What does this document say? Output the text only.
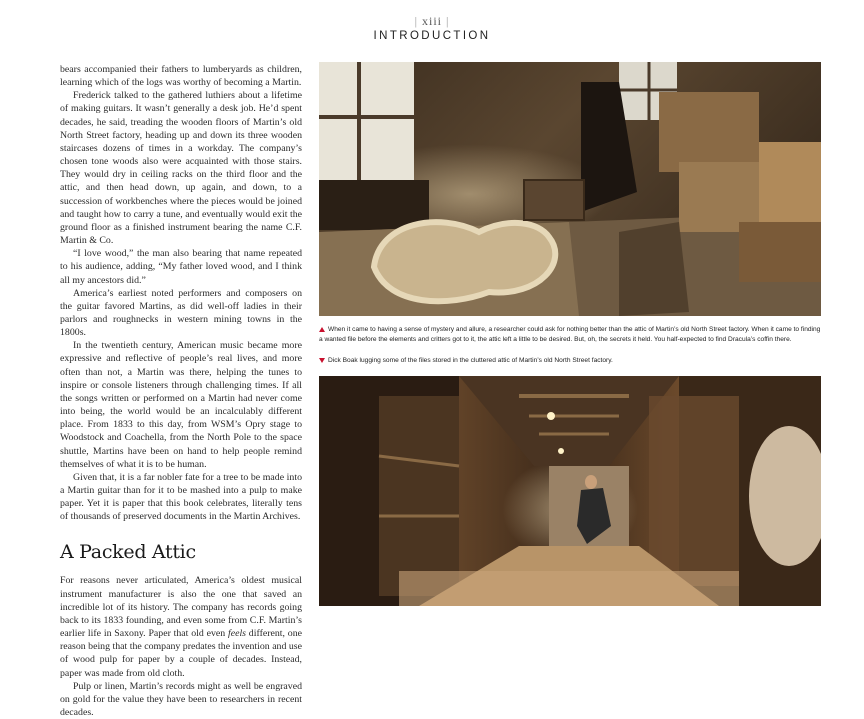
| xiii |
INTRODUCTION

bears accompanied their fathers to lumberyards as children, learning which of the logs was worthy of becoming a Martin.

Frederick talked to the gathered luthiers about a lifetime of making guitars. It wasn’t generally a desk job. He’d spent decades, he said, treading the wooden floors of Martin’s old North Street factory, heading up and down its three wooden staircases dozens of times in a workday. The company’s chosen tone woods also were acquainted with those stairs. They would dry in ceiling racks on the third floor and the attic, and then head down, up again, and down, to a succession of workbenches where the pieces would be joined and taught how to carry a tune, and eventually would exit the ground floor as a finished instrument bearing the name C.F. Martin & Co.

“I love wood,” the man also bearing that name repeated to his audience, adding, “My father loved wood, and I think all my ancestors did.”

America’s earliest noted performers and composers on the guitar favored Martins, as did well-off ladies in their parlors and roughnecks in western mining towns in the 1800s.

In the twentieth century, American music became more expressive and reflective of people’s real lives, and more often than not, a Martin was there, helping the tunes to inspire or console listeners through challenging times. If all the songs written or performed on a Martin had never come into being, the world would be an incalculably different place. From 1833 to this day, from WSM’s Opry stage to Woodstock and Coachella, from the North Pole to the space shuttle, Martins have been on hand to help people remind themselves of what it is to be human.

Given that, it is a far nobler fate for a tree to be made into a Martin guitar than for it to be mashed into a pulp to make paper. Yet it is paper that this book celebrates, literally tens of thousands of preserved documents in the Martin Archives.

A Packed Attic

For reasons never articulated, America’s oldest musical instrument manufacturer is also the one that saved an incredible lot of its history. The company has records going back to its 1833 founding, and even some from C.F. Martin’s earlier life in Saxony. Paper that old even feels different, one reason being that the company predates the invention and use of wood pulp for paper by a couple of decades. Instead, paper was made from old cloth.

Pulp or linen, Martin’s records might as well be engraved on gold for the value they have been to researchers in recent decades.

When it came to having a sense of mystery and allure, a researcher could ask for nothing better than the attic of Martin’s old North Street factory. When it came to finding a wanted file before the elements and critters got to it, the attic left a little to be desired. But, oh, the secrets it held. You half-expected to find Dracula’s coffin there.
Dick Boak lugging some of the files stored in the cluttered attic of Martin’s old North Street factory.
